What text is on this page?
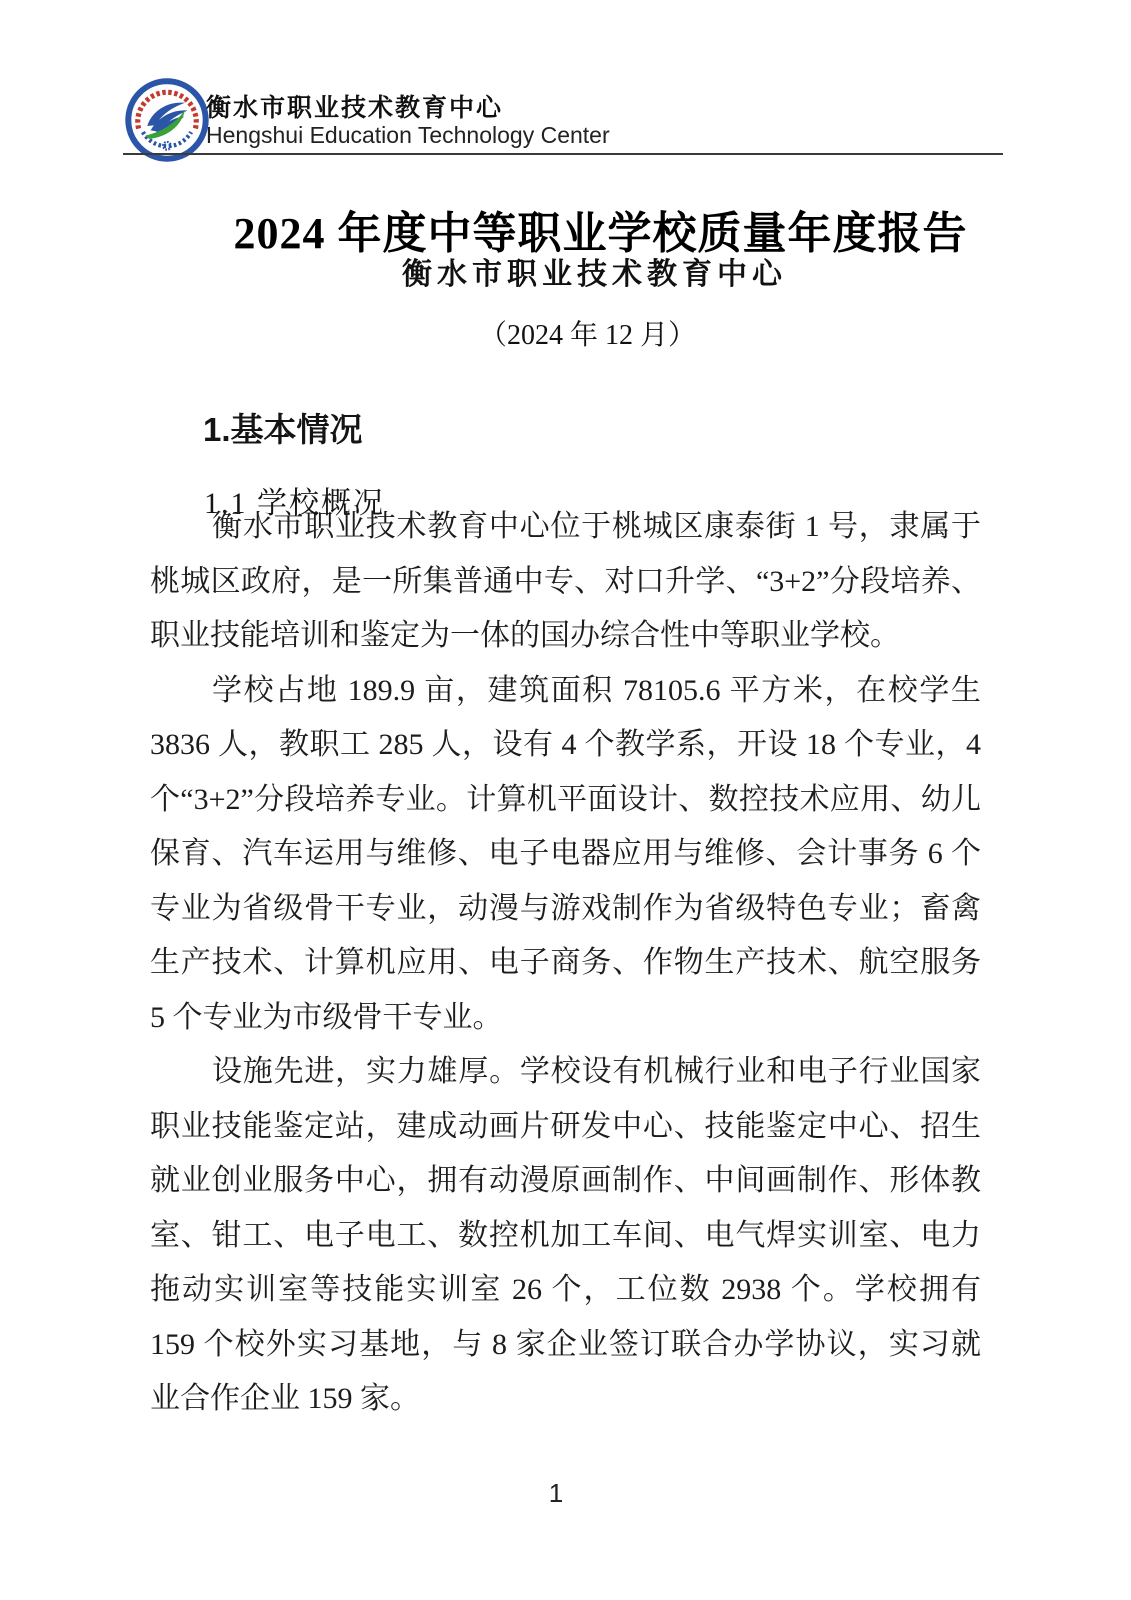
衡水市职业技术教育中心
Hengshui Education Technology Center
2024 年度中等职业学校质量年度报告
衡水市职业技术教育中心
（2024 年 12 月）
1.基本情况
1.1 学校概况

衡水市职业技术教育中心位于桃城区康泰街 1 号，隶属于桃城区政府，是一所集普通中专、对口升学、“3+2”分段培养、职业技能培训和鉴定为一体的国办综合性中等职业学校。

学校占地 189.9 亩，建筑面积 78105.6 平方米，在校学生 3836 人，教职工 285 人，设有 4 个教学系，开设 18 个专业，4 个“3+2”分段培养专业。计算机平面设计、数控技术应用、幼儿保育、汽车运用与维修、电子电器应用与维修、会计事务 6 个专业为省级骨干专业，动漫与游戏制作为省级特色专业；畜禽生产技术、计算机应用、电子商务、作物生产技术、航空服务 5 个专业为市级骨干专业。

设施先进，实力雄厚。学校设有机械行业和电子行业国家职业技能鉴定站，建成动画片研发中心、技能鉴定中心、招生就业创业服务中心，拥有动漫原画制作、中间画制作、形体教室、钳工、电子电工、数控机加工车间、电气焊实训室、电力拖动实训室等技能实训室 26 个，工位数 2938 个。学校拥有 159 个校外实习基地，与 8 家企业签订联合办学协议，实习就业合作企业 159 家。

1
